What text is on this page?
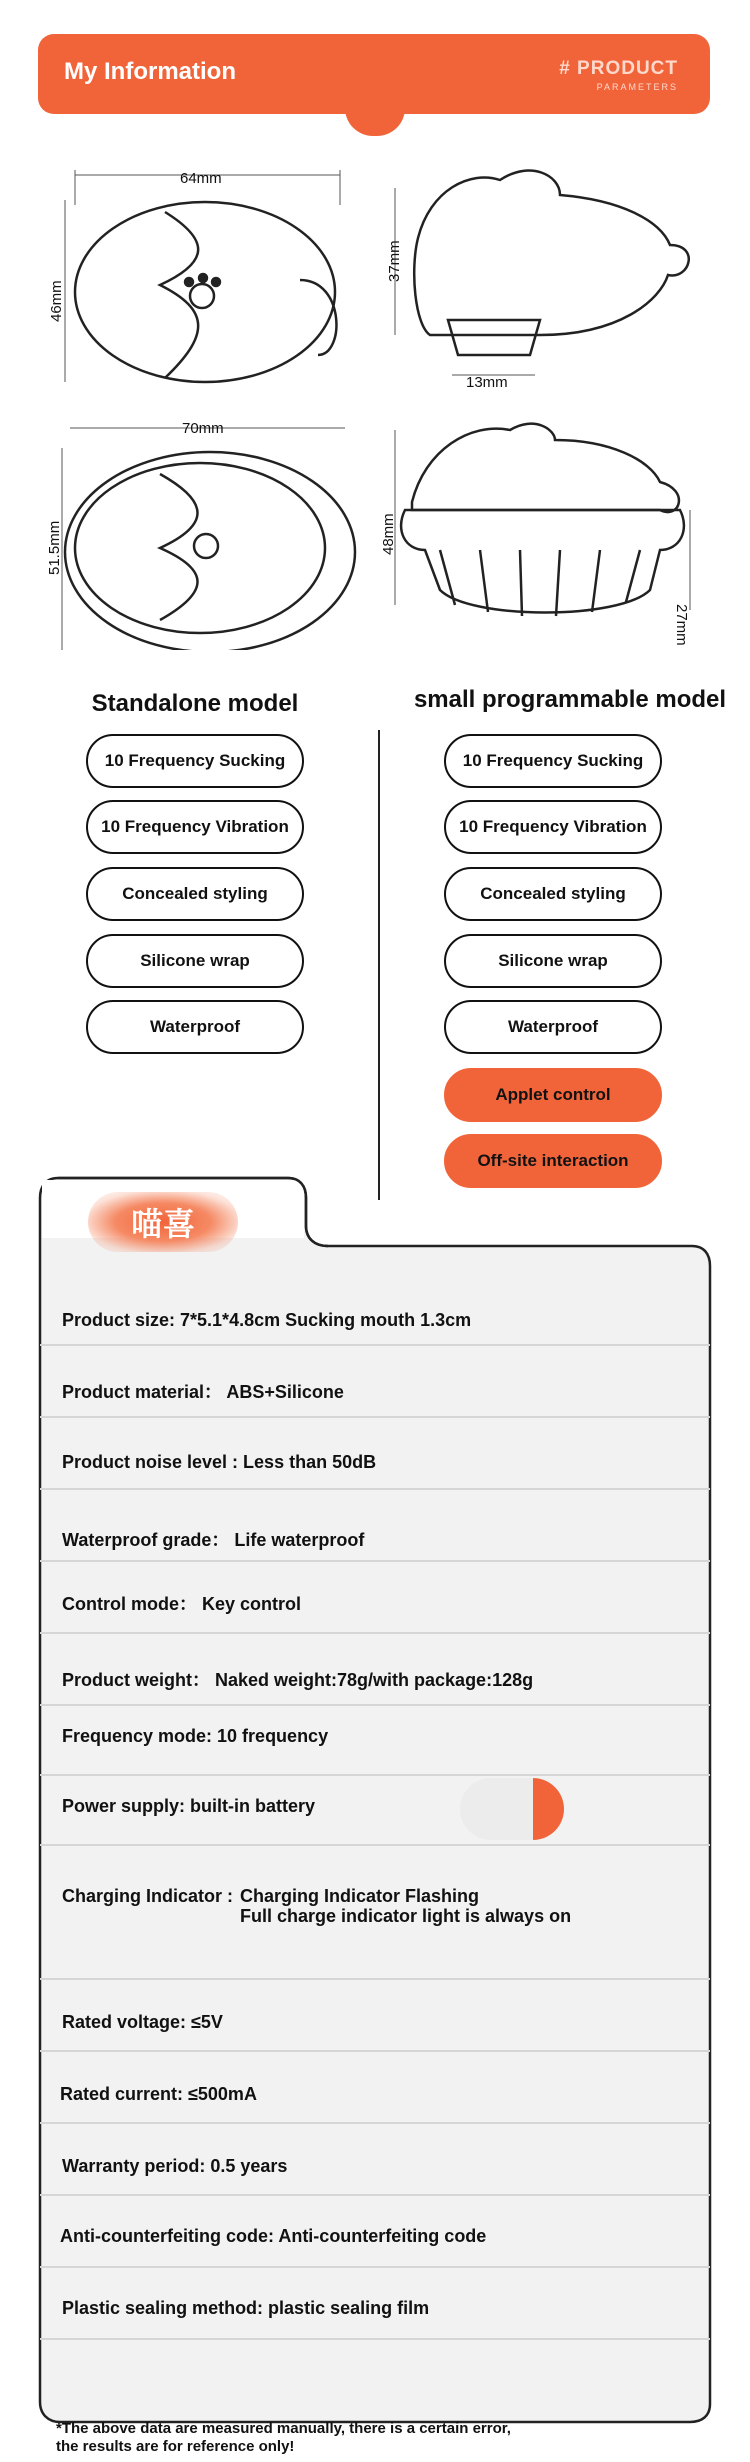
My Information	# PRODUCT
PARAMETERS
64mm
46mm
37mm
13mm
70mm
51.5mm	48mm
27mm
Standalone model	small programmable model
10 Frequency Sucking
10 Frequency Vibration
Concealed styling
Silicone wrap
Waterproof
10 Frequency Sucking
10 Frequency Vibration
Concealed styling
Silicone wrap
Waterproof
Applet control
Off-site interaction
喵喜
Product size: 7*5.1*4.8cm Sucking mouth 1.3cm
Product material： ABS+Silicone
Product noise level : Less than 50dB
Waterproof grade： Life waterproof
Control mode： Key control
Product weight： Naked weight:78g/with package:128g
Frequency mode: 10 frequency
Power supply: built-in battery
Charging Indicator : Charging Indicator Flashing
Full charge indicator light is always on
Rated voltage: ≤5V
Rated current: ≤500mA
Warranty period: 0.5 years
Anti-counterfeiting code: Anti-counterfeiting code
Plastic sealing method: plastic sealing film
*The above data are measured manually, there is a certain error,
the results are for reference only!
